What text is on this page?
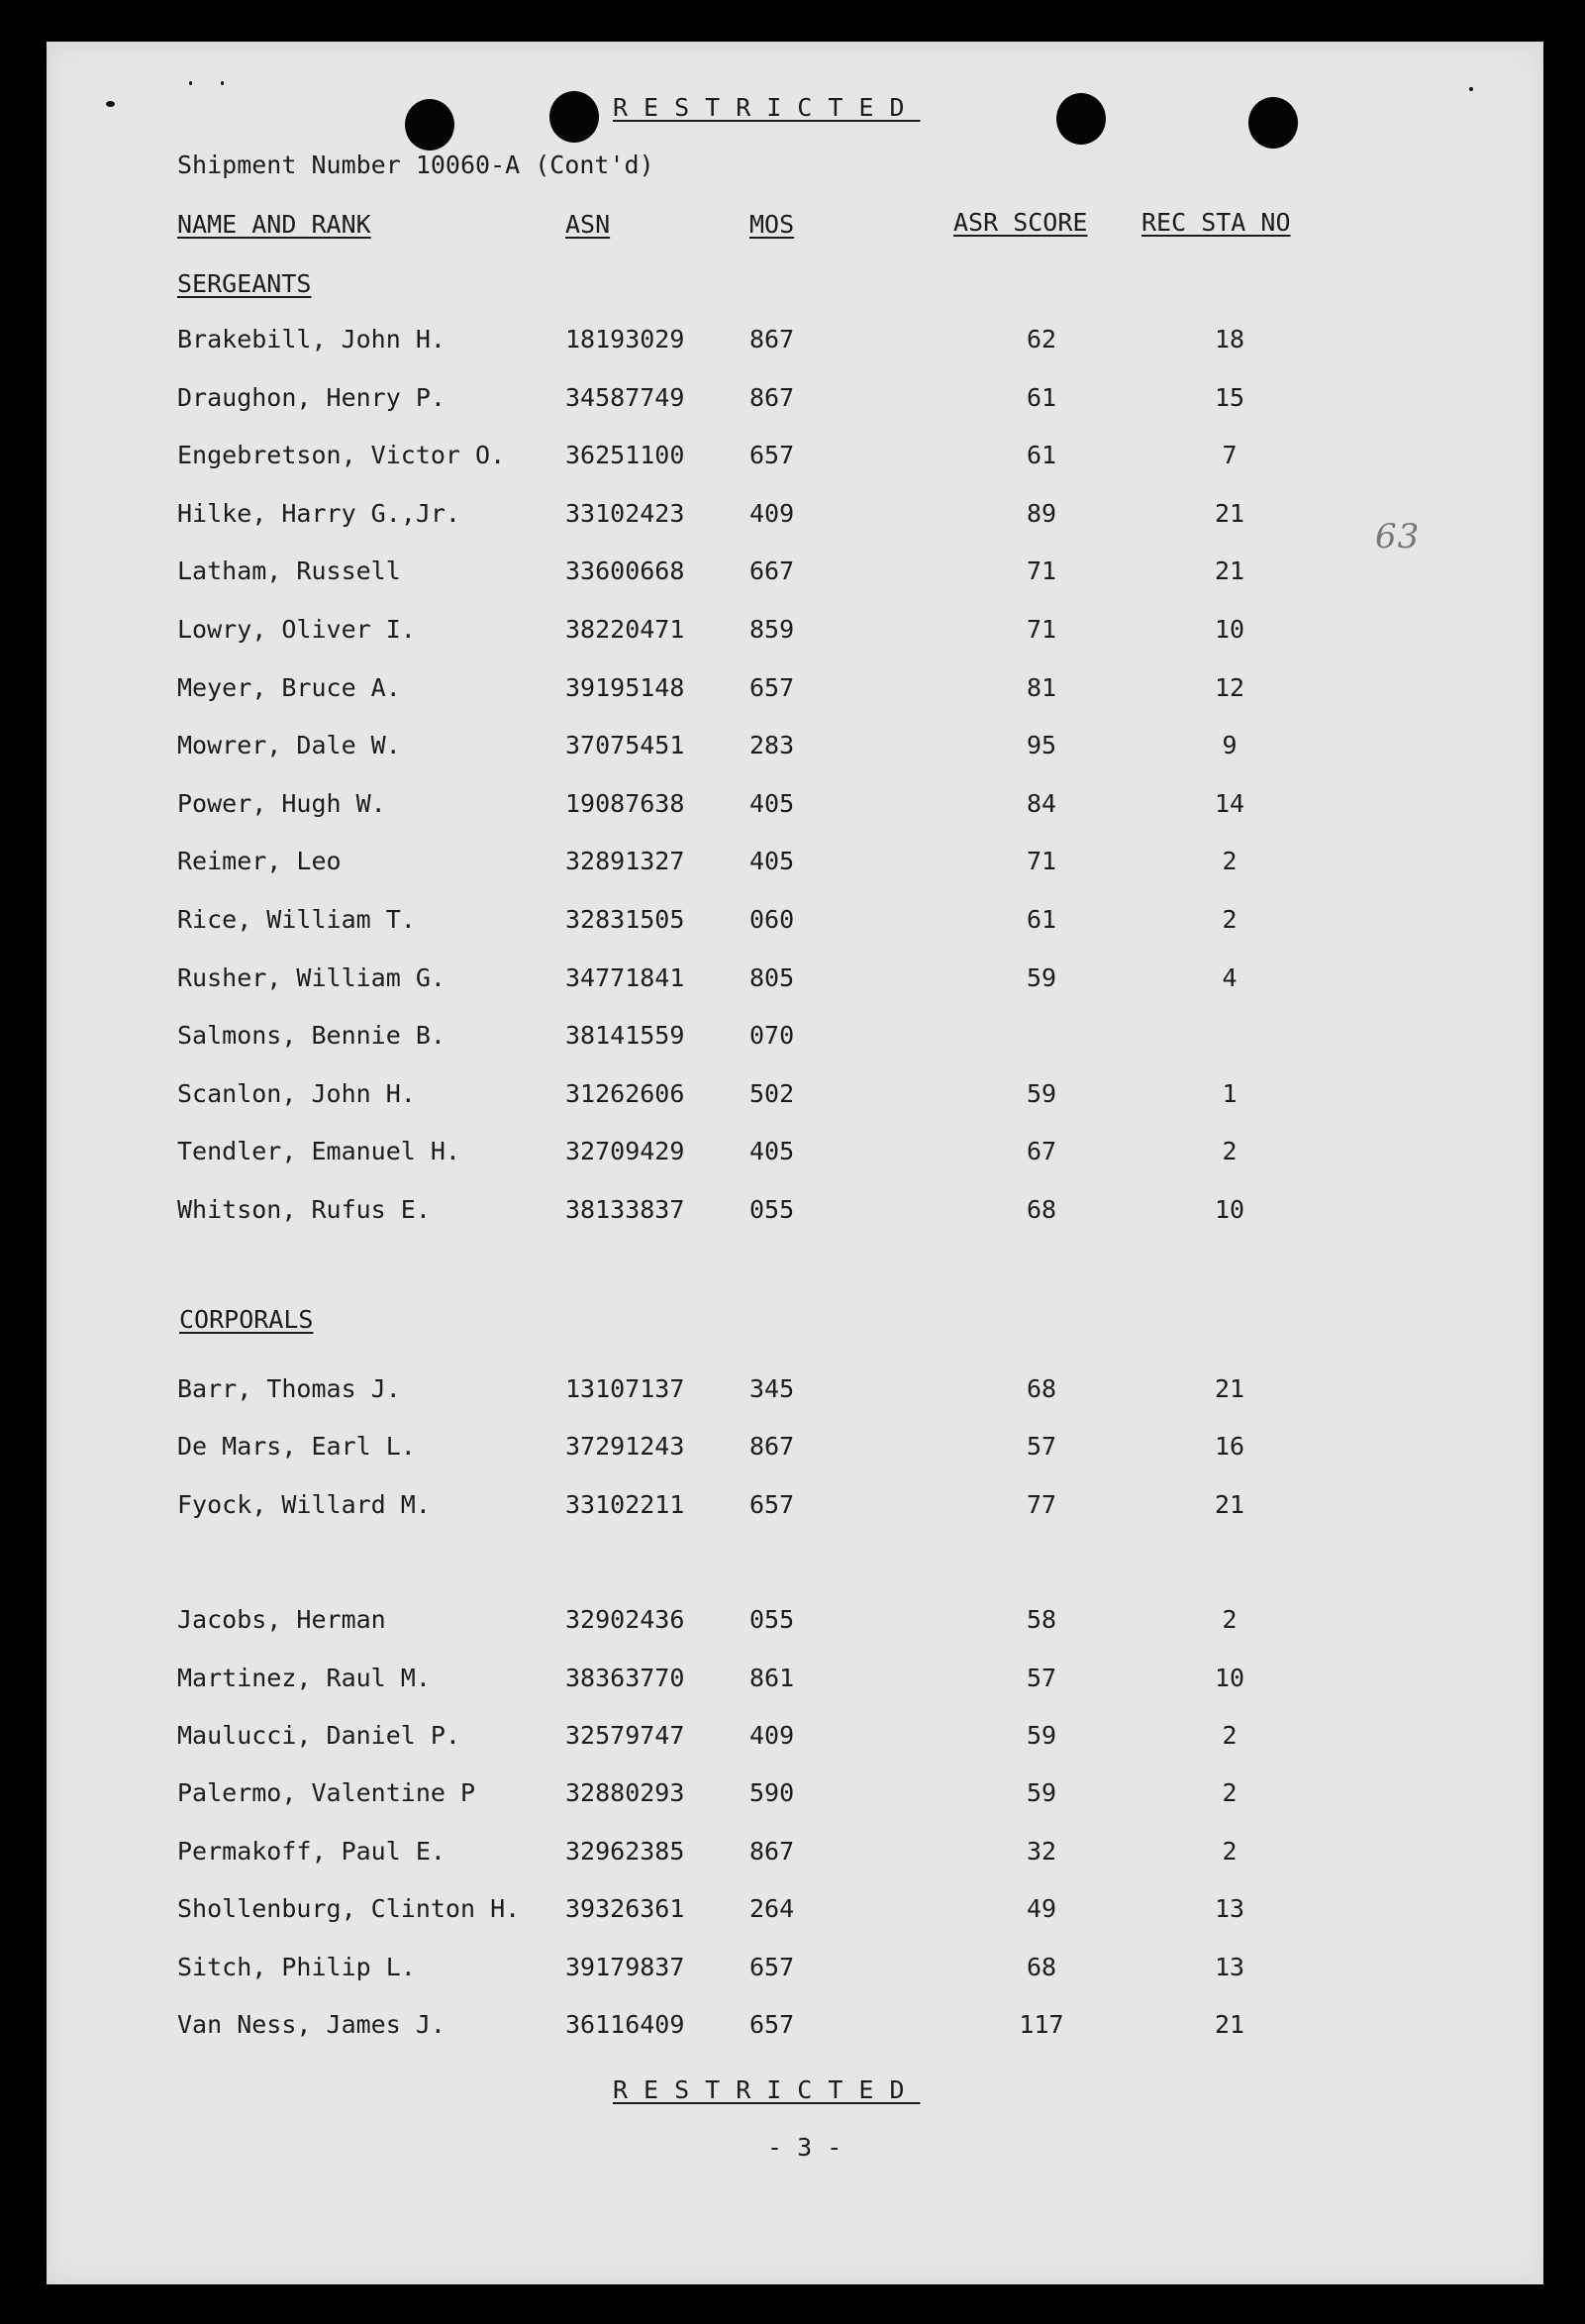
RESTRICTED
Shipment Number 10060-A (Cont'd)
NAME AND RANK	ASN	MOS	ASR SCORE REC STA NO
SERGEANTS
Brakebill, John H.	18193029	867	62	18
Draughon, Henry P.	34587749	867	61	15
Engebretson, Victor O. 36251100	657	61	7
Hilke, Harry G.,Jr.	33102423	409	89	21
Latham, Russell	33600668	667	71	21
Lowry, Oliver I.	38220471	859	71	10
Meyer, Bruce A.	39195148	657	81	12
Mowrer, Dale W.	37075451	283	95	9
Power, Hugh W.	19087638	405	84	14
Reimer, Leo	32891327	405	71	2
Rice, William T.	32831505	060	61	2
Rusher, William G.	34771841	805	59	4
Salmons, Bennie B.	38141559	070
Scanlon, John H.	31262606	502	59	1
Tendler, Emanuel H.	32709429	405	67	2
Whitson, Rufus E.	38133837	055	68	10
CORPORALS
Barr, Thomas J.	13107137	345	68	21
De Mars, Earl L.	37291243	867	57	16
Fyock, Willard M.	33102211	657	77	21
Jacobs, Herman	32902436	055	58	2
Martinez, Raul M.	38363770	861	57	10
Maulucci, Daniel P.	32579747	409	59	2
Palermo, Valentine P	32880293	590	59	2
Permakoff, Paul E.	32962385	867	32	2
Shollenburg, Clinton H. 39326361	264	49	13
Sitch, Philip L.	39179837	657	68	13
Van Ness, James J.	36116409	657	117	21
63
RESTRICTED
- 3 -
